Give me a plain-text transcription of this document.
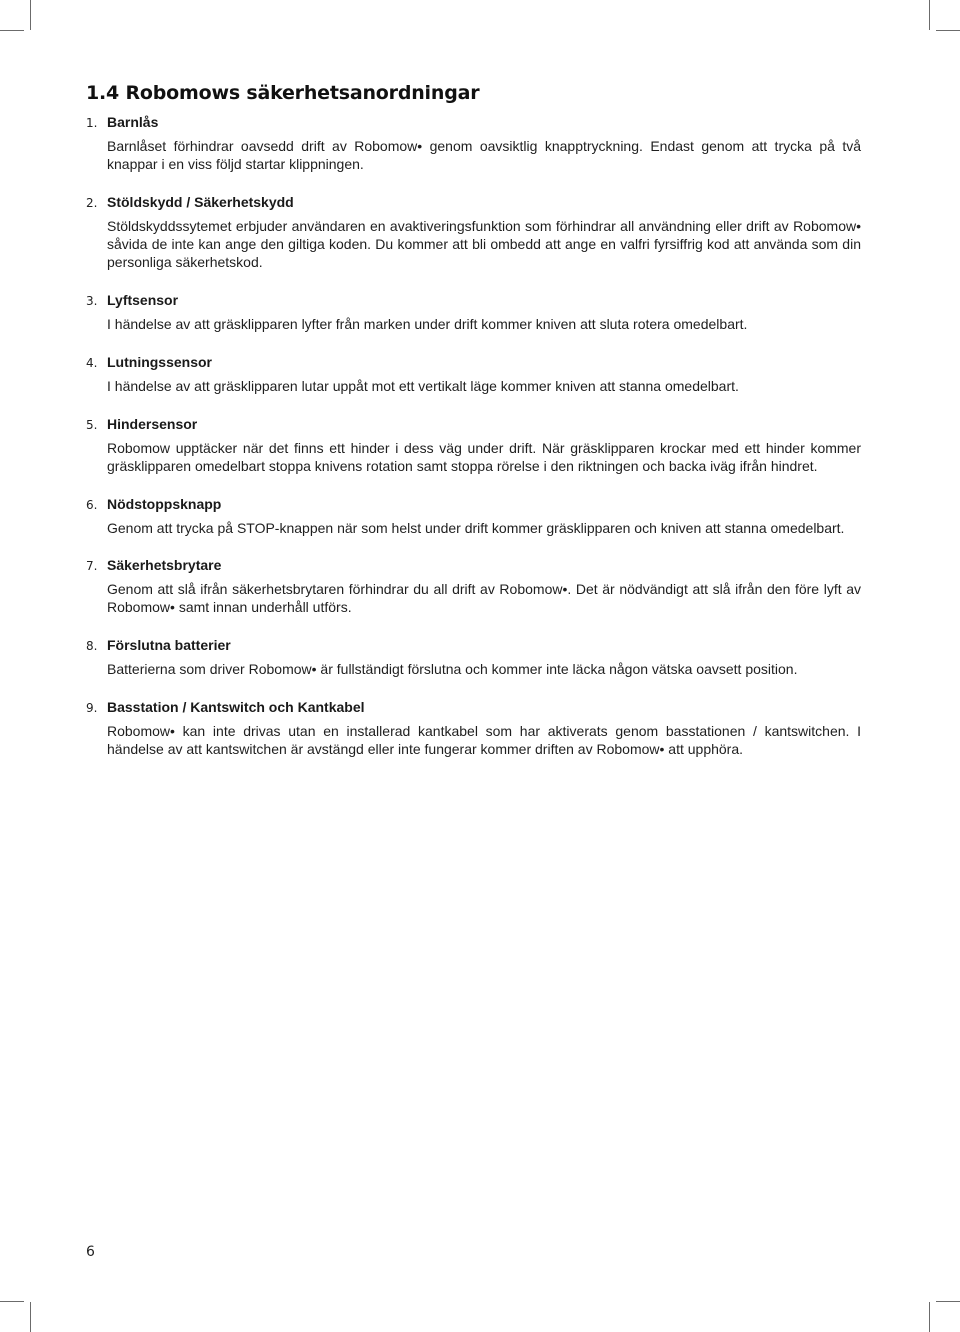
1.4 Robomows säkerhetsanordningar
1. Barnlås
Barnlåset förhindrar oavsedd drift av Robomow• genom oavsiktlig knapptryckning. Endast genom att trycka på två knappar i en viss följd startar klippningen.
2. Stöldskydd / Säkerhetskydd
Stöldskyddssytemet erbjuder användaren en avaktiveringsfunktion som förhindrar all användning eller drift av Robomow• såvida de inte kan ange den giltiga koden. Du kommer att bli ombedd att ange en valfri fyrsiffrig kod att använda som din personliga säkerhetskod.
3. Lyftsensor
I händelse av att gräsklipparen lyfter från marken under drift kommer kniven att sluta rotera omedelbart.
4. Lutningssensor
I händelse av att gräsklipparen lutar uppåt mot ett vertikalt läge kommer kniven att stanna omedelbart.
5. Hindersensor
Robomow upptäcker när det finns ett hinder i dess väg under drift. När gräsklipparen krockar med ett hinder kommer gräsklipparen omedelbart stoppa knivens rotation samt stoppa rörelse i den riktningen och backa iväg ifrån hindret.
6. Nödstoppsknapp
Genom att trycka på STOP-knappen när som helst under drift kommer gräsklipparen och kniven att stanna omedelbart.
7. Säkerhetsbrytare
Genom att slå ifrån säkerhetsbrytaren förhindrar du all drift av Robomow•. Det är nödvändigt att slå ifrån den före lyft av Robomow• samt innan underhåll utförs.
8. Förslutna batterier
Batterierna som driver Robomow• är fullständigt förslutna och kommer inte läcka någon vätska oavsett position.
9. Basstation / Kantswitch och Kantkabel
Robomow• kan inte drivas utan en installerad kantkabel som har aktiverats genom basstationen / kantswitchen. I händelse av att kantswitchen är avstängd eller inte fungerar kommer driften av Robomow• att upphöra.
6
